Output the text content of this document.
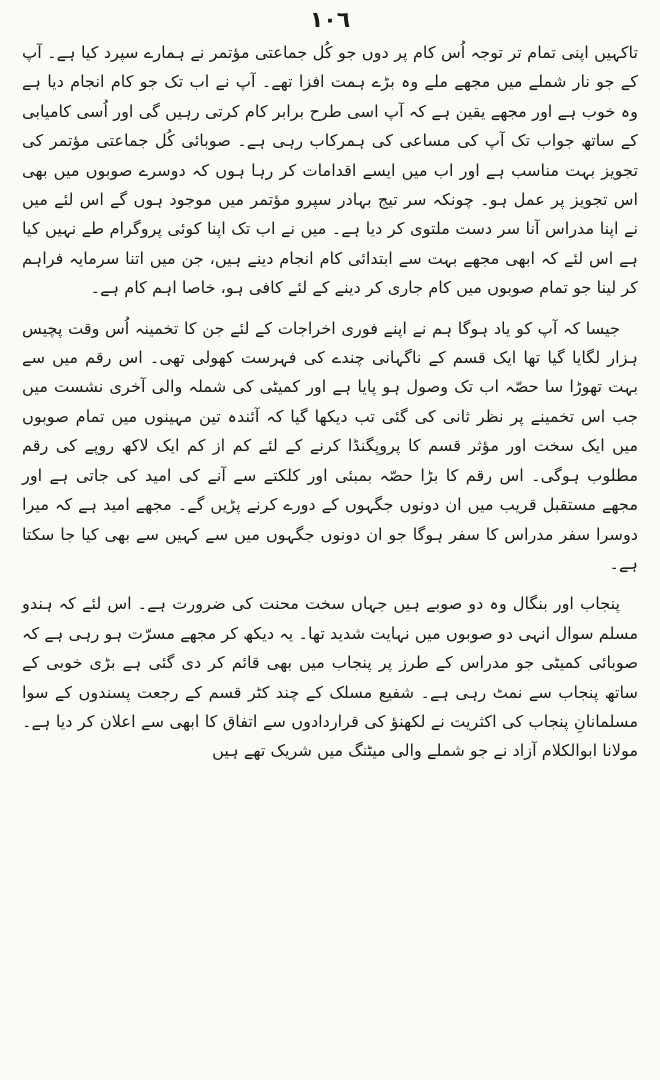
١٠٦

تاکہیں اپنی تمام تر توجہ اُس کام پر دوں جو کُل جماعتی مؤتمر نے ہمارے سپرد کیا ہے۔ آپ کے جو نار شملے میں مجھے ملے وہ بڑے ہمت افزا تھے۔ آپ نے اب تک جو کام انجام دیا ہے وہ خوب ہے اور مجھے یقین ہے کہ آپ اسی طرح برابر کام کرتی رہیں گی اور اُسی کامیابی کے ساتھ جواب تک آپ کی مساعی کی ہمرکاب رہی ہے۔ صوبائی کُل جماعتی مؤتمر کی تجویز بہت مناسب ہے اور اب میں ایسے اقدامات کر رہا ہوں کہ دوسرے صوبوں میں بھی اس تجویز پر عمل ہو۔ چونکہ سر تیج بہادر سپرو مؤتمر میں موجود ہوں گے اس لئے میں نے اپنا مدراس آنا سر دست ملتوی کر دیا ہے۔ میں نے اب تک اپنا کوئی پروگرام طے نہیں کیا ہے اس لئے کہ ابھی مجھے بہت سے ابتدائی کام انجام دینے ہیں، جن میں اتنا سرمایہ فراہم کر لینا جو تمام صوبوں میں کام جاری کر دینے کے لئے کافی ہو، خاصا اہم کام ہے۔

جیسا کہ آپ کو یاد ہوگا ہم نے اپنے فوری اخراجات کے لئے جن کا تخمینہ اُس وقت پچیس ہزار لگایا گیا تھا ایک قسم کے ناگہانی چندے کی فہرست کھولی تھی۔ اس رقم میں سے بہت تھوڑا سا حصّہ اب تک وصول ہو پایا ہے اور کمیٹی کی شملہ والی آخری نشست میں جب اس تخمینے پر نظر ثانی کی گئی تب دیکھا گیا کہ آئندہ تین مہینوں میں تمام صوبوں میں ایک سخت اور مؤثر قسم کا پروپگنڈا کرنے کے لئے کم از کم ایک لاکھ روپے کی رقم مطلوب ہوگی۔ اس رقم کا بڑا حصّہ بمبئی اور کلکتے سے آنے کی امید کی جاتی ہے اور مجھے مستقبل قریب میں ان دونوں جگہوں کے دورے کرنے پڑیں گے۔ مجھے امید ہے کہ میرا دوسرا سفر مدراس کا سفر ہوگا جو ان دونوں جگہوں میں سے کہیں سے بھی کیا جا سکتا ہے۔

پنجاب اور بنگال وہ دو صوبے ہیں جہاں سخت محنت کی ضرورت ہے۔ اس لئے کہ ہندو مسلم سوال انہی دو صوبوں میں نہایت شدید تھا۔ یہ دیکھ کر مجھے مسرّت ہو رہی ہے کہ صوبائی کمیٹی جو مدراس کے طرز پر پنجاب میں بھی قائم کر دی گئی ہے بڑی خوبی کے ساتھ پنجاب سے نمٹ رہی ہے۔ شفیع مسلک کے چند کٹر قسم کے رجعت پسندوں کے سوا مسلمانانِ پنجاب کی اکثریت نے لکھنؤ کی قراردادوں سے اتفاق کا ابھی سے اعلان کر دیا ہے۔ مولانا ابوالکلام آزاد نے جو شملے والی میٹنگ میں شریک تھے ہیں
